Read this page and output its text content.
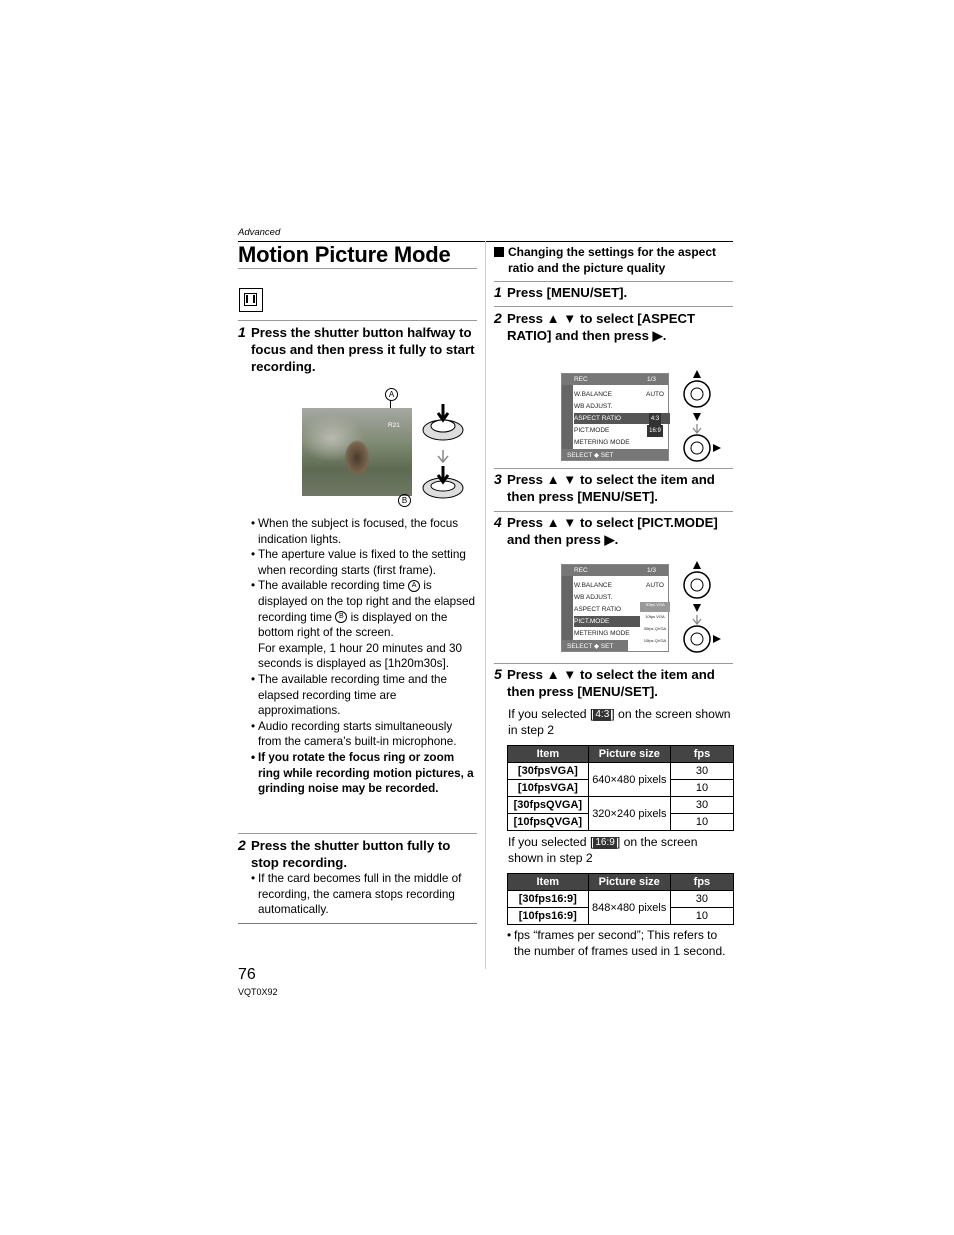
Advanced
Motion Picture Mode
1 Press the shutter button halfway to focus and then press it fully to start recording.
A
R21
B
• When the subject is focused, the focus indication lights.
• The aperture value is fixed to the setting when recording starts (first frame).
• The available recording time A is displayed on the top right and the elapsed recording time B is displayed on the bottom right of the screen.
For example, 1 hour 20 minutes and 30 seconds is displayed as [1h20m30s].
• The available recording time and the elapsed recording time are approximations.
• Audio recording starts simultaneously from the camera’s built-in microphone.
• If you rotate the focus ring or zoom ring while recording motion pictures, a grinding noise may be recorded.
2 Press the shutter button fully to stop recording.
• If the card becomes full in the middle of recording, the camera stops recording automatically.
Changing the settings for the aspect ratio and the picture quality
1 Press [MENU/SET].
2 Press ▲ ▼ to select [ASPECT RATIO] and then press ▶.
REC	1/3
W.BALANCE	AUTO
WB ADJUST.
ASPECT RATIO	4:3
PICT.MODE	16:9
METERING MODE
SELECT ◆ SET
3 Press ▲ ▼ to select the item and then press [MENU/SET].
4 Press ▲ ▼ to select [PICT.MODE] and then press ▶.
REC	1/3
W.BALANCE	AUTO
WB ADJUST.
ASPECT RATIO
PICT.MODE
METERING MODE
30fps VGA
10fps VGA
30fps QVGA
10fps QVGA
SELECT ◆ SET
5 Press ▲ ▼ to select the item and then press [MENU/SET].
If you selected [ 4:3 ] on the screen shown in step 2
Item	Picture size	fps
[30fpsVGA]	640×480 pixels	30
[10fpsVGA]		10
[30fpsQVGA]	320×240 pixels	30
[10fpsQVGA]		10
If you selected [ 16:9 ] on the screen shown in step 2
Item	Picture size	fps
[30fps16:9]	848×480 pixels	30
[10fps16:9]		10
• fps “frames per second”; This refers to the number of frames used in 1 second.
76
VQT0X92
